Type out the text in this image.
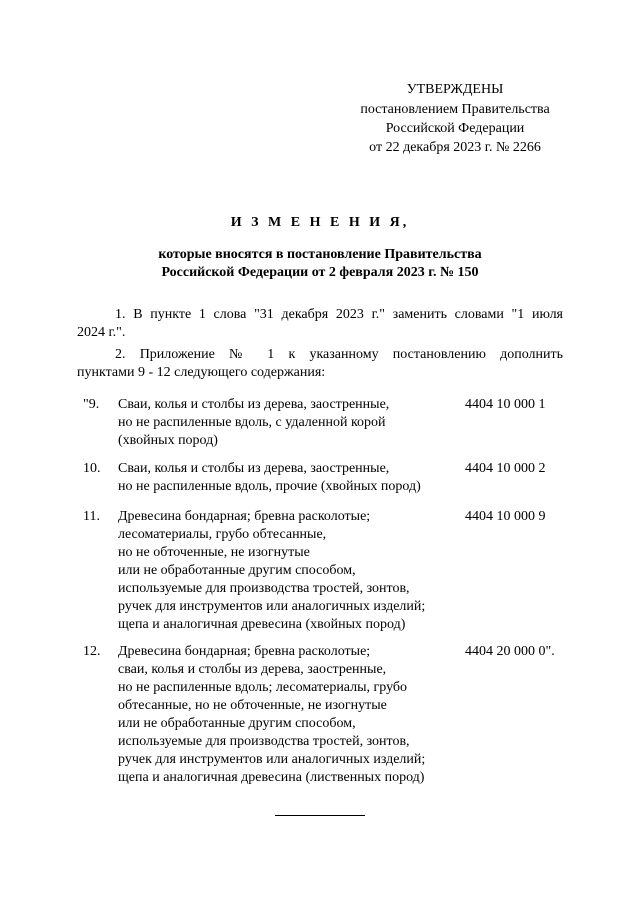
УТВЕРЖДЕНЫ
постановлением Правительства
Российской Федерации
от 22 декабря 2023 г. № 2266
И З М Е Н Е Н И Я,
которые вносятся в постановление Правительства
Российской Федерации от 2 февраля 2023 г. № 150
1. В пункте 1 слова "31 декабря 2023 г." заменить словами "1 июля
2024 г.".
2. Приложение № 1 к указанному постановлению дополнить
пунктами 9 - 12 следующего содержания:
"9. Сваи, колья и столбы из дерева, заостренные,
но не распиленные вдоль, с удаленной корой
(хвойных пород)
4404 10 000 1
10. Сваи, колья и столбы из дерева, заостренные,
но не распиленные вдоль, прочие (хвойных пород)
4404 10 000 2
11. Древесина бондарная; бревна расколотые;
лесоматериалы, грубо обтесанные,
но не обточенные, не изогнутые
или не обработанные другим способом,
используемые для производства тростей, зонтов,
ручек для инструментов или аналогичных изделий;
щепа и аналогичная древесина (хвойных пород)
4404 10 000 9
12. Древесина бондарная; бревна расколотые;
сваи, колья и столбы из дерева, заостренные,
но не распиленные вдоль; лесоматериалы, грубо
обтесанные, но не обточенные, не изогнутые
или не обработанные другим способом,
используемые для производства тростей, зонтов,
ручек для инструментов или аналогичных изделий;
щепа и аналогичная древесина (лиственных пород)
4404 20 000 0".
